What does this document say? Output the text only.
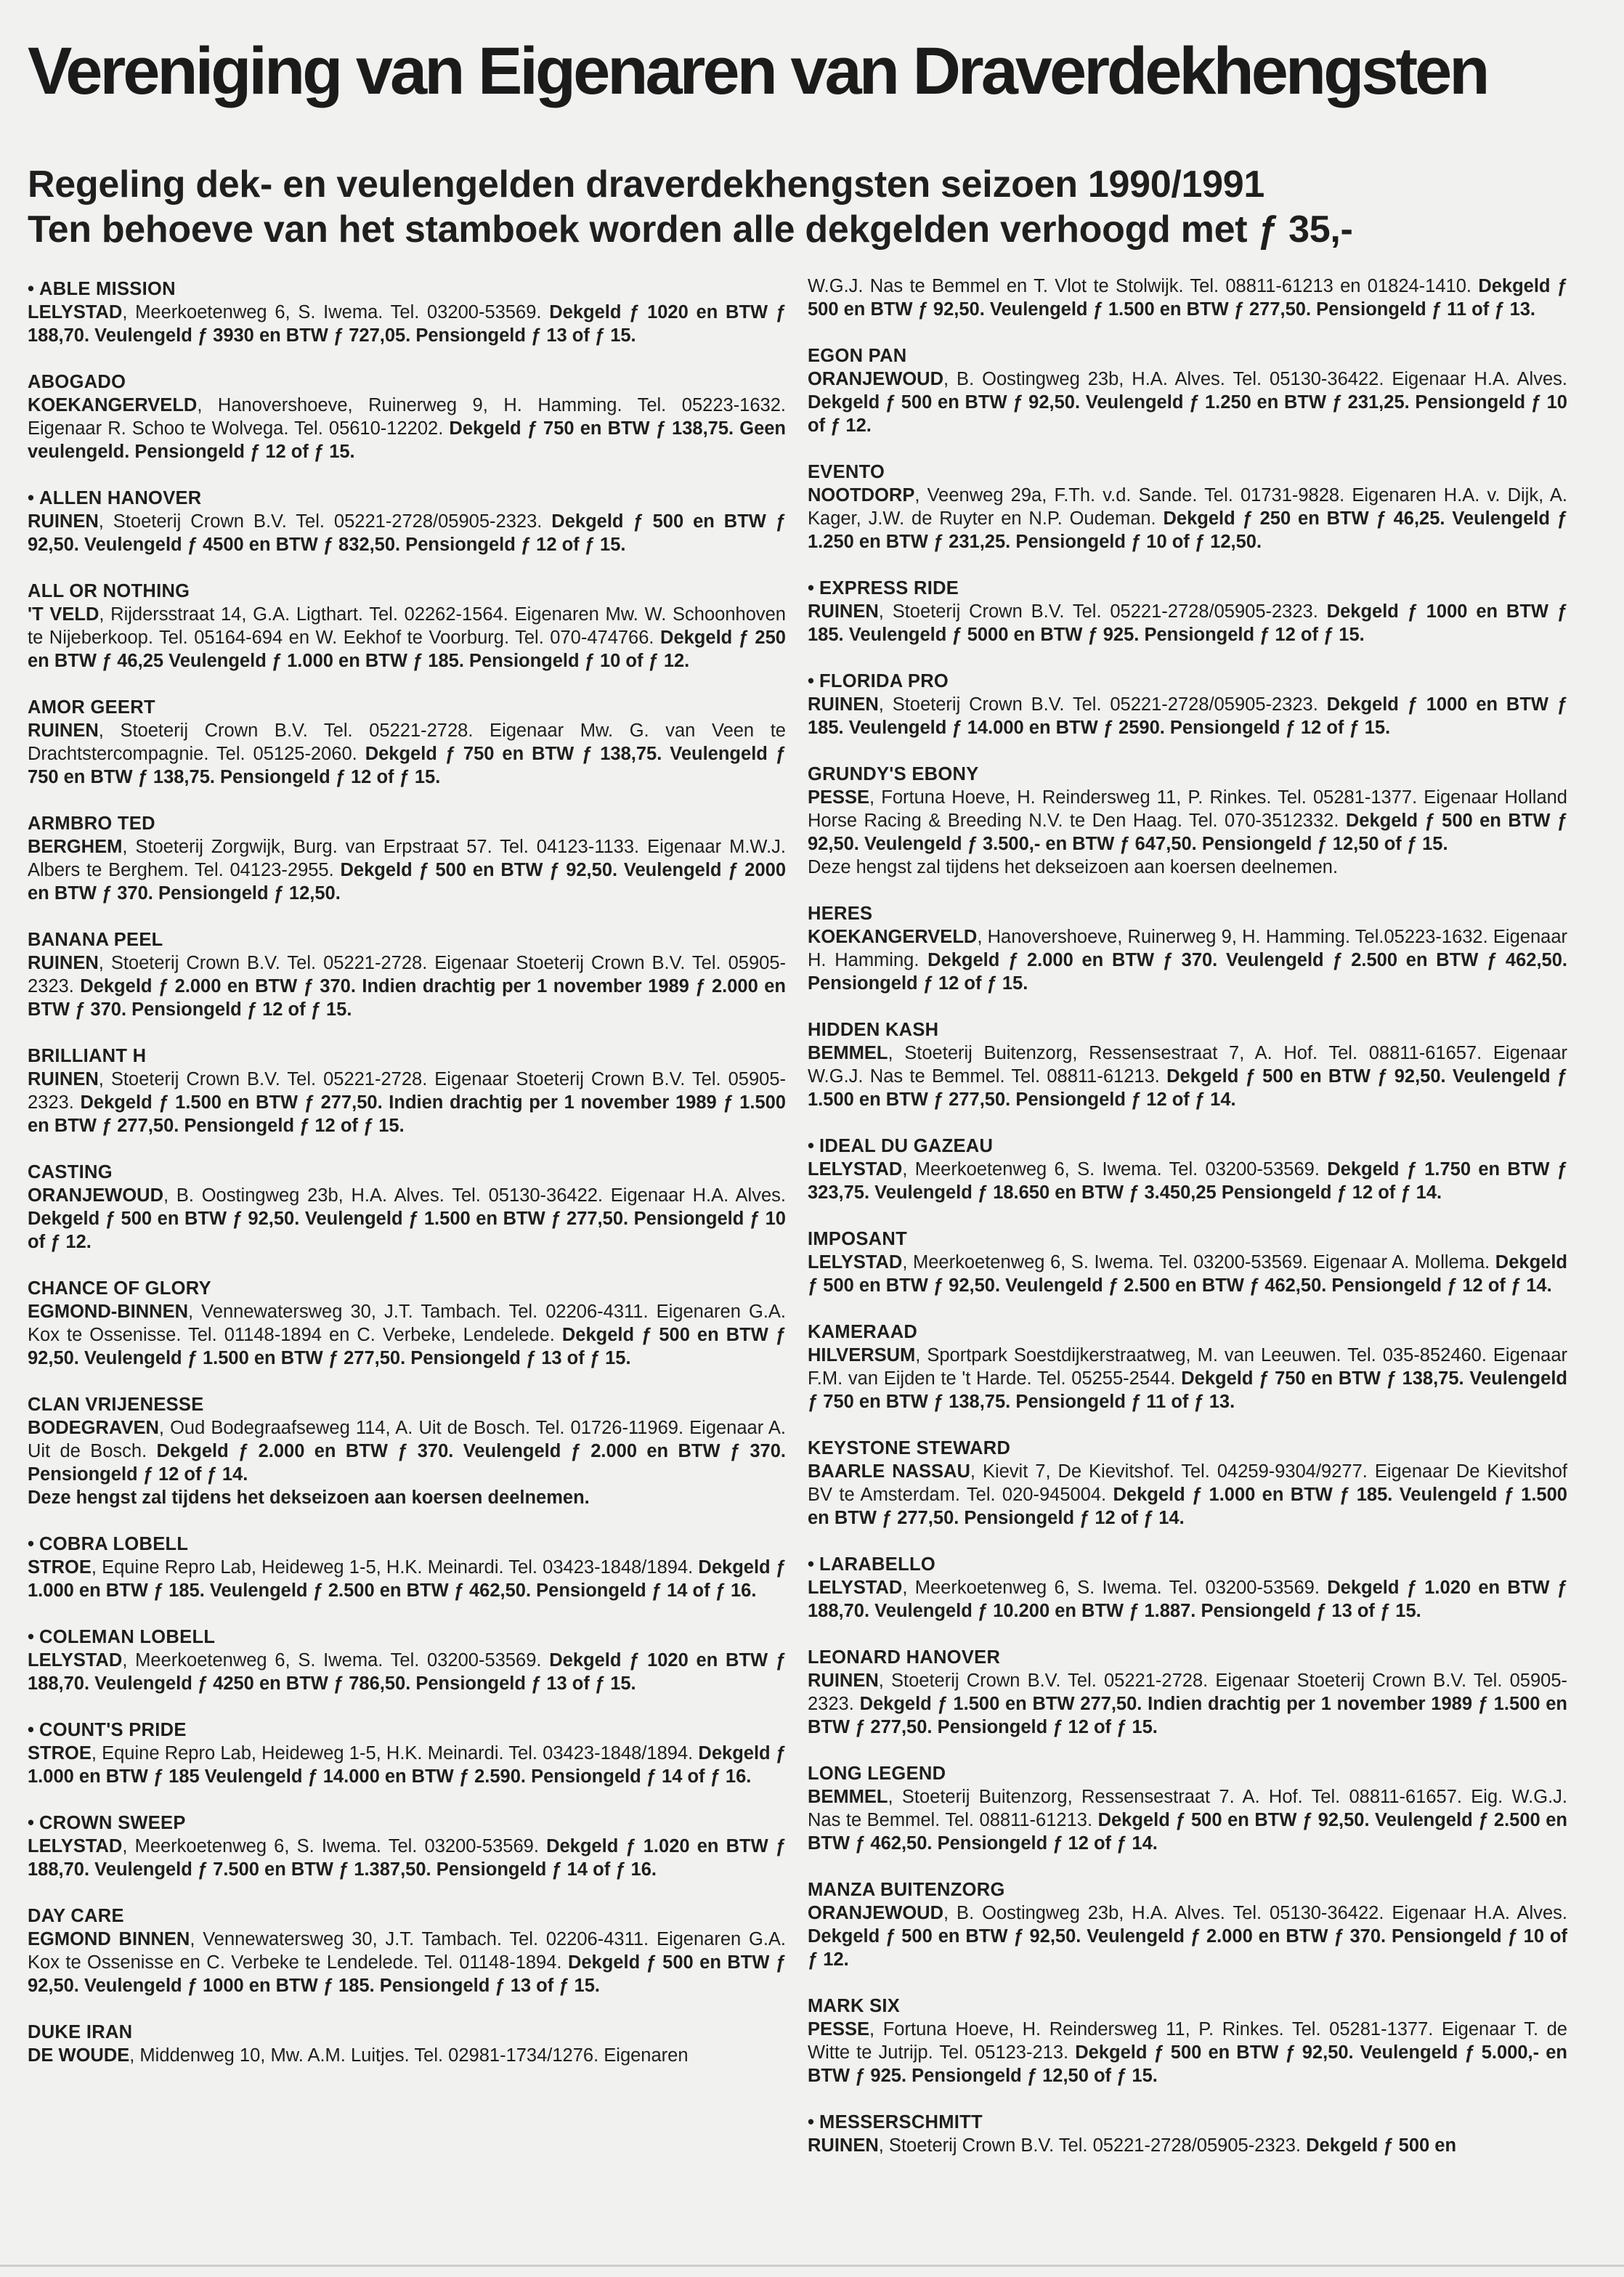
Vereniging van Eigenaren van Draverdekhengsten
Regeling dek- en veulengelden draverdekhengsten seizoen 1990/1991
Ten behoeve van het stamboek worden alle dekgelden verhoogd met ƒ 35,-

• ABLE MISSION

LELYSTAD, Meerkoetenweg 6, S. Iwema. Tel. 03200-53569. Dekgeld ƒ 1020 en BTW ƒ 188,70. Veulengeld ƒ 3930 en BTW ƒ 727,05. Pensiongeld ƒ 13 of ƒ 15.

ABOGADO

KOEKANGERVELD, Hanovershoeve, Ruinerweg 9, H. Hamming. Tel. 05223-1632. Eigenaar R. Schoo te Wolvega. Tel. 05610-12202. Dekgeld ƒ 750 en BTW ƒ 138,75. Geen veulengeld. Pensiongeld ƒ 12 of ƒ 15.

• ALLEN HANOVER

RUINEN, Stoeterij Crown B.V. Tel. 05221-2728/05905-2323. Dekgeld ƒ 500 en BTW ƒ 92,50. Veulengeld ƒ 4500 en BTW ƒ 832,50. Pensiongeld ƒ 12 of ƒ 15.

ALL OR NOTHING

'T VELD, Rijdersstraat 14, G.A. Ligthart. Tel. 02262-1564. Eigenaren Mw. W. Schoonhoven te Nijeberkoop. Tel. 05164-694 en W. Eekhof te Voorburg. Tel. 070-474766. Dekgeld ƒ 250 en BTW ƒ 46,25 Veulengeld ƒ 1.000 en BTW ƒ 185. Pensiongeld ƒ 10 of ƒ 12.

AMOR GEERT

RUINEN, Stoeterij Crown B.V. Tel. 05221-2728. Eigenaar Mw. G. van Veen te Drachtstercompagnie. Tel. 05125-2060. Dekgeld ƒ 750 en BTW ƒ 138,75. Veulengeld ƒ 750 en BTW ƒ 138,75. Pensiongeld ƒ 12 of ƒ 15.

ARMBRO TED

BERGHEM, Stoeterij Zorgwijk, Burg. van Erpstraat 57. Tel. 04123-1133. Eigenaar M.W.J. Albers te Berghem. Tel. 04123-2955. Dekgeld ƒ 500 en BTW ƒ 92,50. Veulengeld ƒ 2000 en BTW ƒ 370. Pensiongeld ƒ 12,50.

BANANA PEEL

RUINEN, Stoeterij Crown B.V. Tel. 05221-2728. Eigenaar Stoeterij Crown B.V. Tel. 05905-2323. Dekgeld ƒ 2.000 en BTW ƒ 370. Indien drachtig per 1 november 1989 ƒ 2.000 en BTW ƒ 370. Pensiongeld ƒ 12 of ƒ 15.

BRILLIANT H

RUINEN, Stoeterij Crown B.V. Tel. 05221-2728. Eigenaar Stoeterij Crown B.V. Tel. 05905-2323. Dekgeld ƒ 1.500 en BTW ƒ 277,50. Indien drachtig per 1 november 1989 ƒ 1.500 en BTW ƒ 277,50. Pensiongeld ƒ 12 of ƒ 15.

CASTING

ORANJEWOUD, B. Oostingweg 23b, H.A. Alves. Tel. 05130-36422. Eigenaar H.A. Alves. Dekgeld ƒ 500 en BTW ƒ 92,50. Veulengeld ƒ 1.500 en BTW ƒ 277,50. Pensiongeld ƒ 10 of ƒ 12.

CHANCE OF GLORY

EGMOND-BINNEN, Vennewatersweg 30, J.T. Tambach. Tel. 02206-4311. Eigenaren G.A. Kox te Ossenisse. Tel. 01148-1894 en C. Verbeke, Lendelede. Dekgeld ƒ 500 en BTW ƒ 92,50. Veulengeld ƒ 1.500 en BTW ƒ 277,50. Pensiongeld ƒ 13 of ƒ 15.

CLAN VRIJENESSE

BODEGRAVEN, Oud Bodegraafseweg 114, A. Uit de Bosch. Tel. 01726-11969. Eigenaar A. Uit de Bosch. Dekgeld ƒ 2.000 en BTW ƒ 370. Veulengeld ƒ 2.000 en BTW ƒ 370. Pensiongeld ƒ 12 of ƒ 14.

Deze hengst zal tijdens het dekseizoen aan koersen deelnemen.

• COBRA LOBELL

STROE, Equine Repro Lab, Heideweg 1-5, H.K. Meinardi. Tel. 03423-1848/1894. Dekgeld ƒ 1.000 en BTW ƒ 185. Veulengeld ƒ 2.500 en BTW ƒ 462,50. Pensiongeld ƒ 14 of ƒ 16.

• COLEMAN LOBELL

LELYSTAD, Meerkoetenweg 6, S. Iwema. Tel. 03200-53569. Dekgeld ƒ 1020 en BTW ƒ 188,70. Veulengeld ƒ 4250 en BTW ƒ 786,50. Pensiongeld ƒ 13 of ƒ 15.

• COUNT'S PRIDE

STROE, Equine Repro Lab, Heideweg 1-5, H.K. Meinardi. Tel. 03423-1848/1894. Dekgeld ƒ 1.000 en BTW ƒ 185 Veulengeld ƒ 14.000 en BTW ƒ 2.590. Pensiongeld ƒ 14 of ƒ 16.

• CROWN SWEEP

LELYSTAD, Meerkoetenweg 6, S. Iwema. Tel. 03200-53569. Dekgeld ƒ 1.020 en BTW ƒ 188,70. Veulengeld ƒ 7.500 en BTW ƒ 1.387,50. Pensiongeld ƒ 14 of ƒ 16.

DAY CARE

EGMOND BINNEN, Vennewatersweg 30, J.T. Tambach. Tel. 02206-4311. Eigenaren G.A. Kox te Ossenisse en C. Verbeke te Lendelede. Tel. 01148-1894. Dekgeld ƒ 500 en BTW ƒ 92,50. Veulengeld ƒ 1000 en BTW ƒ 185. Pensiongeld ƒ 13 of ƒ 15.

DUKE IRAN

DE WOUDE, Middenweg 10, Mw. A.M. Luitjes. Tel. 02981-1734/1276. Eigenaren

W.G.J. Nas te Bemmel en T. Vlot te Stolwijk. Tel. 08811-61213 en 01824-1410. Dekgeld ƒ 500 en BTW ƒ 92,50. Veulengeld ƒ 1.500 en BTW ƒ 277,50. Pensiongeld ƒ 11 of ƒ 13.

EGON PAN

ORANJEWOUD, B. Oostingweg 23b, H.A. Alves. Tel. 05130-36422. Eigenaar H.A. Alves. Dekgeld ƒ 500 en BTW ƒ 92,50. Veulengeld ƒ 1.250 en BTW ƒ 231,25. Pensiongeld ƒ 10 of ƒ 12.

EVENTO

NOOTDORP, Veenweg 29a, F.Th. v.d. Sande. Tel. 01731-9828. Eigenaren H.A. v. Dijk, A. Kager, J.W. de Ruyter en N.P. Oudeman. Dekgeld ƒ 250 en BTW ƒ 46,25. Veulengeld ƒ 1.250 en BTW ƒ 231,25. Pensiongeld ƒ 10 of ƒ 12,50.

• EXPRESS RIDE

RUINEN, Stoeterij Crown B.V. Tel. 05221-2728/05905-2323. Dekgeld ƒ 1000 en BTW ƒ 185. Veulengeld ƒ 5000 en BTW ƒ 925. Pensiongeld ƒ 12 of ƒ 15.

• FLORIDA PRO

RUINEN, Stoeterij Crown B.V. Tel. 05221-2728/05905-2323. Dekgeld ƒ 1000 en BTW ƒ 185. Veulengeld ƒ 14.000 en BTW ƒ 2590. Pensiongeld ƒ 12 of ƒ 15.

GRUNDY'S EBONY

PESSE, Fortuna Hoeve, H. Reindersweg 11, P. Rinkes. Tel. 05281-1377. Eigenaar Holland Horse Racing & Breeding N.V. te Den Haag. Tel. 070-3512332. Dekgeld ƒ 500 en BTW ƒ 92,50. Veulengeld ƒ 3.500,- en BTW ƒ 647,50. Pensiongeld ƒ 12,50 of ƒ 15.

Deze hengst zal tijdens het dekseizoen aan koersen deelnemen.

HERES

KOEKANGERVELD, Hanovershoeve, Ruinerweg 9, H. Hamming. Tel.05223-1632. Eigenaar H. Hamming. Dekgeld ƒ 2.000 en BTW ƒ 370. Veulengeld ƒ 2.500 en BTW ƒ 462,50. Pensiongeld ƒ 12 of ƒ 15.

HIDDEN KASH

BEMMEL, Stoeterij Buitenzorg, Ressensestraat 7, A. Hof. Tel. 08811-61657. Eigenaar W.G.J. Nas te Bemmel. Tel. 08811-61213. Dekgeld ƒ 500 en BTW ƒ 92,50. Veulengeld ƒ 1.500 en BTW ƒ 277,50. Pensiongeld ƒ 12 of ƒ 14.

• IDEAL DU GAZEAU

LELYSTAD, Meerkoetenweg 6, S. Iwema. Tel. 03200-53569. Dekgeld ƒ 1.750 en BTW ƒ 323,75. Veulengeld ƒ 18.650 en BTW ƒ 3.450,25 Pensiongeld ƒ 12 of ƒ 14.

IMPOSANT

LELYSTAD, Meerkoetenweg 6, S. Iwema. Tel. 03200-53569. Eigenaar A. Mollema. Dekgeld ƒ 500 en BTW ƒ 92,50. Veulengeld ƒ 2.500 en BTW ƒ 462,50. Pensiongeld ƒ 12 of ƒ 14.

KAMERAAD

HILVERSUM, Sportpark Soestdijkerstraatweg, M. van Leeuwen. Tel. 035-852460. Eigenaar F.M. van Eijden te 't Harde. Tel. 05255-2544. Dekgeld ƒ 750 en BTW ƒ 138,75. Veulengeld ƒ 750 en BTW ƒ 138,75. Pensiongeld ƒ 11 of ƒ 13.

KEYSTONE STEWARD

BAARLE NASSAU, Kievit 7, De Kievitshof. Tel. 04259-9304/9277. Eigenaar De Kievitshof BV te Amsterdam. Tel. 020-945004. Dekgeld ƒ 1.000 en BTW ƒ 185. Veulengeld ƒ 1.500 en BTW ƒ 277,50. Pensiongeld ƒ 12 of ƒ 14.

• LARABELLO

LELYSTAD, Meerkoetenweg 6, S. Iwema. Tel. 03200-53569. Dekgeld ƒ 1.020 en BTW ƒ 188,70. Veulengeld ƒ 10.200 en BTW ƒ 1.887. Pensiongeld ƒ 13 of ƒ 15.

LEONARD HANOVER

RUINEN, Stoeterij Crown B.V. Tel. 05221-2728. Eigenaar Stoeterij Crown B.V. Tel. 05905-2323. Dekgeld ƒ 1.500 en BTW 277,50. Indien drachtig per 1 november 1989 ƒ 1.500 en BTW ƒ 277,50. Pensiongeld ƒ 12 of ƒ 15.

LONG LEGEND

BEMMEL, Stoeterij Buitenzorg, Ressensestraat 7. A. Hof. Tel. 08811-61657. Eig. W.G.J. Nas te Bemmel. Tel. 08811-61213. Dekgeld ƒ 500 en BTW ƒ 92,50. Veulengeld ƒ 2.500 en BTW ƒ 462,50. Pensiongeld ƒ 12 of ƒ 14.

MANZA BUITENZORG

ORANJEWOUD, B. Oostingweg 23b, H.A. Alves. Tel. 05130-36422. Eigenaar H.A. Alves. Dekgeld ƒ 500 en BTW ƒ 92,50. Veulengeld ƒ 2.000 en BTW ƒ 370. Pensiongeld ƒ 10 of ƒ 12.

MARK SIX

PESSE, Fortuna Hoeve, H. Reindersweg 11, P. Rinkes. Tel. 05281-1377. Eigenaar T. de Witte te Jutrijp. Tel. 05123-213. Dekgeld ƒ 500 en BTW ƒ 92,50. Veulengeld ƒ 5.000,- en BTW ƒ 925. Pensiongeld ƒ 12,50 of ƒ 15.

• MESSERSCHMITT

RUINEN, Stoeterij Crown B.V. Tel. 05221-2728/05905-2323. Dekgeld ƒ 500 en
